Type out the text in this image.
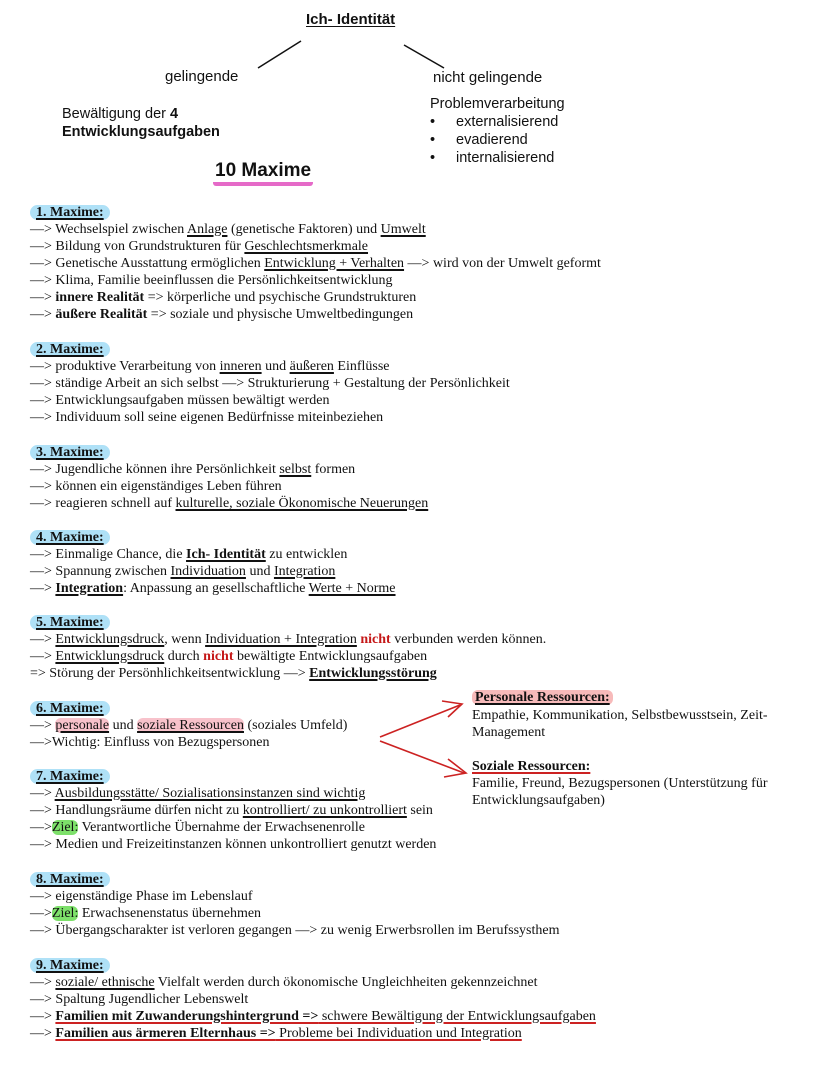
Ich- Identität
gelingende	nicht gelingende
Bewältigung der 4
Entwicklungsaufgaben
Problemverarbeitung
• externalisierend
• evadierend
• internalisierend
10 Maxime
1. Maxime:
—> Wechselspiel zwischen Anlage (genetische Faktoren) und Umwelt
—> Bildung von Grundstrukturen für Geschlechtsmerkmale
—> Genetische Ausstattung ermöglichen Entwicklung + Verhalten —> wird von der Umwelt geformt
—> Klima, Familie beeinflussen die Persönlichkeitsentwicklung
—> innere Realität => körperliche und psychische Grundstrukturen
—> äußere Realität => soziale und physische Umweltbedingungen
2. Maxime:
—> produktive Verarbeitung von inneren und äußeren Einflüsse
—> ständige Arbeit an sich selbst —> Strukturierung + Gestaltung der Persönlichkeit
—> Entwicklungsaufgaben müssen bewältigt werden
—> Individuum soll seine eigenen Bedürfnisse miteinbeziehen
3. Maxime:
—> Jugendliche können ihre Persönlichkeit selbst formen
—> können ein eigenständiges Leben führen
—> reagieren schnell auf kulturelle, soziale Ökonomische Neuerungen
4. Maxime:
—> Einmalige Chance, die Ich- Identität zu entwicklen
—> Spannung zwischen Individuation und Integration
—> Integration: Anpassung an gesellschaftliche Werte + Norme
5. Maxime:
—> Entwicklungsdruck, wenn Individuation + Integration nicht verbunden werden können.
—> Entwicklungsdruck durch nicht bewältigte Entwicklungsaufgaben
=> Störung der Persönhlichkeitsentwicklung —> Entwicklungsstörung
6. Maxime:
—> personale und soziale Ressourcen (soziales Umfeld)
—>Wichtig: Einfluss von Bezugspersonen
Personale Ressourcen:
Empathie, Kommunikation, Selbstbewusstsein, Zeit-
Management
Soziale Ressourcen:
Familie, Freund, Bezugspersonen (Unterstützung für
Entwicklungsaufgaben)
7. Maxime:
—> Ausbildungsstätte/ Sozialisationsinstanzen sind wichtig
—> Handlungsräume dürfen nicht zu kontrolliert/ zu unkontrolliert sein
—>Ziel: Verantwortliche Übernahme der Erwachsenenrolle
—> Medien und Freizeitinstanzen können unkontrolliert genutzt werden
8. Maxime:
—> eigenständige Phase im Lebenslauf
—>Ziel: Erwachsenenstatus übernehmen
—> Übergangscharakter ist verloren gegangen —> zu wenig Erwerbsrollen im Berufssysthem
9. Maxime:
—> soziale/ ethnische Vielfalt werden durch ökonomische Ungleichheiten gekennzeichnet
—> Spaltung Jugendlicher Lebenswelt
—> Familien mit Zuwanderungshintergrund => schwere Bewältigung der Entwicklungsaufgaben
—> Familien aus ärmeren Elternhaus => Probleme bei Individuation und Integration
